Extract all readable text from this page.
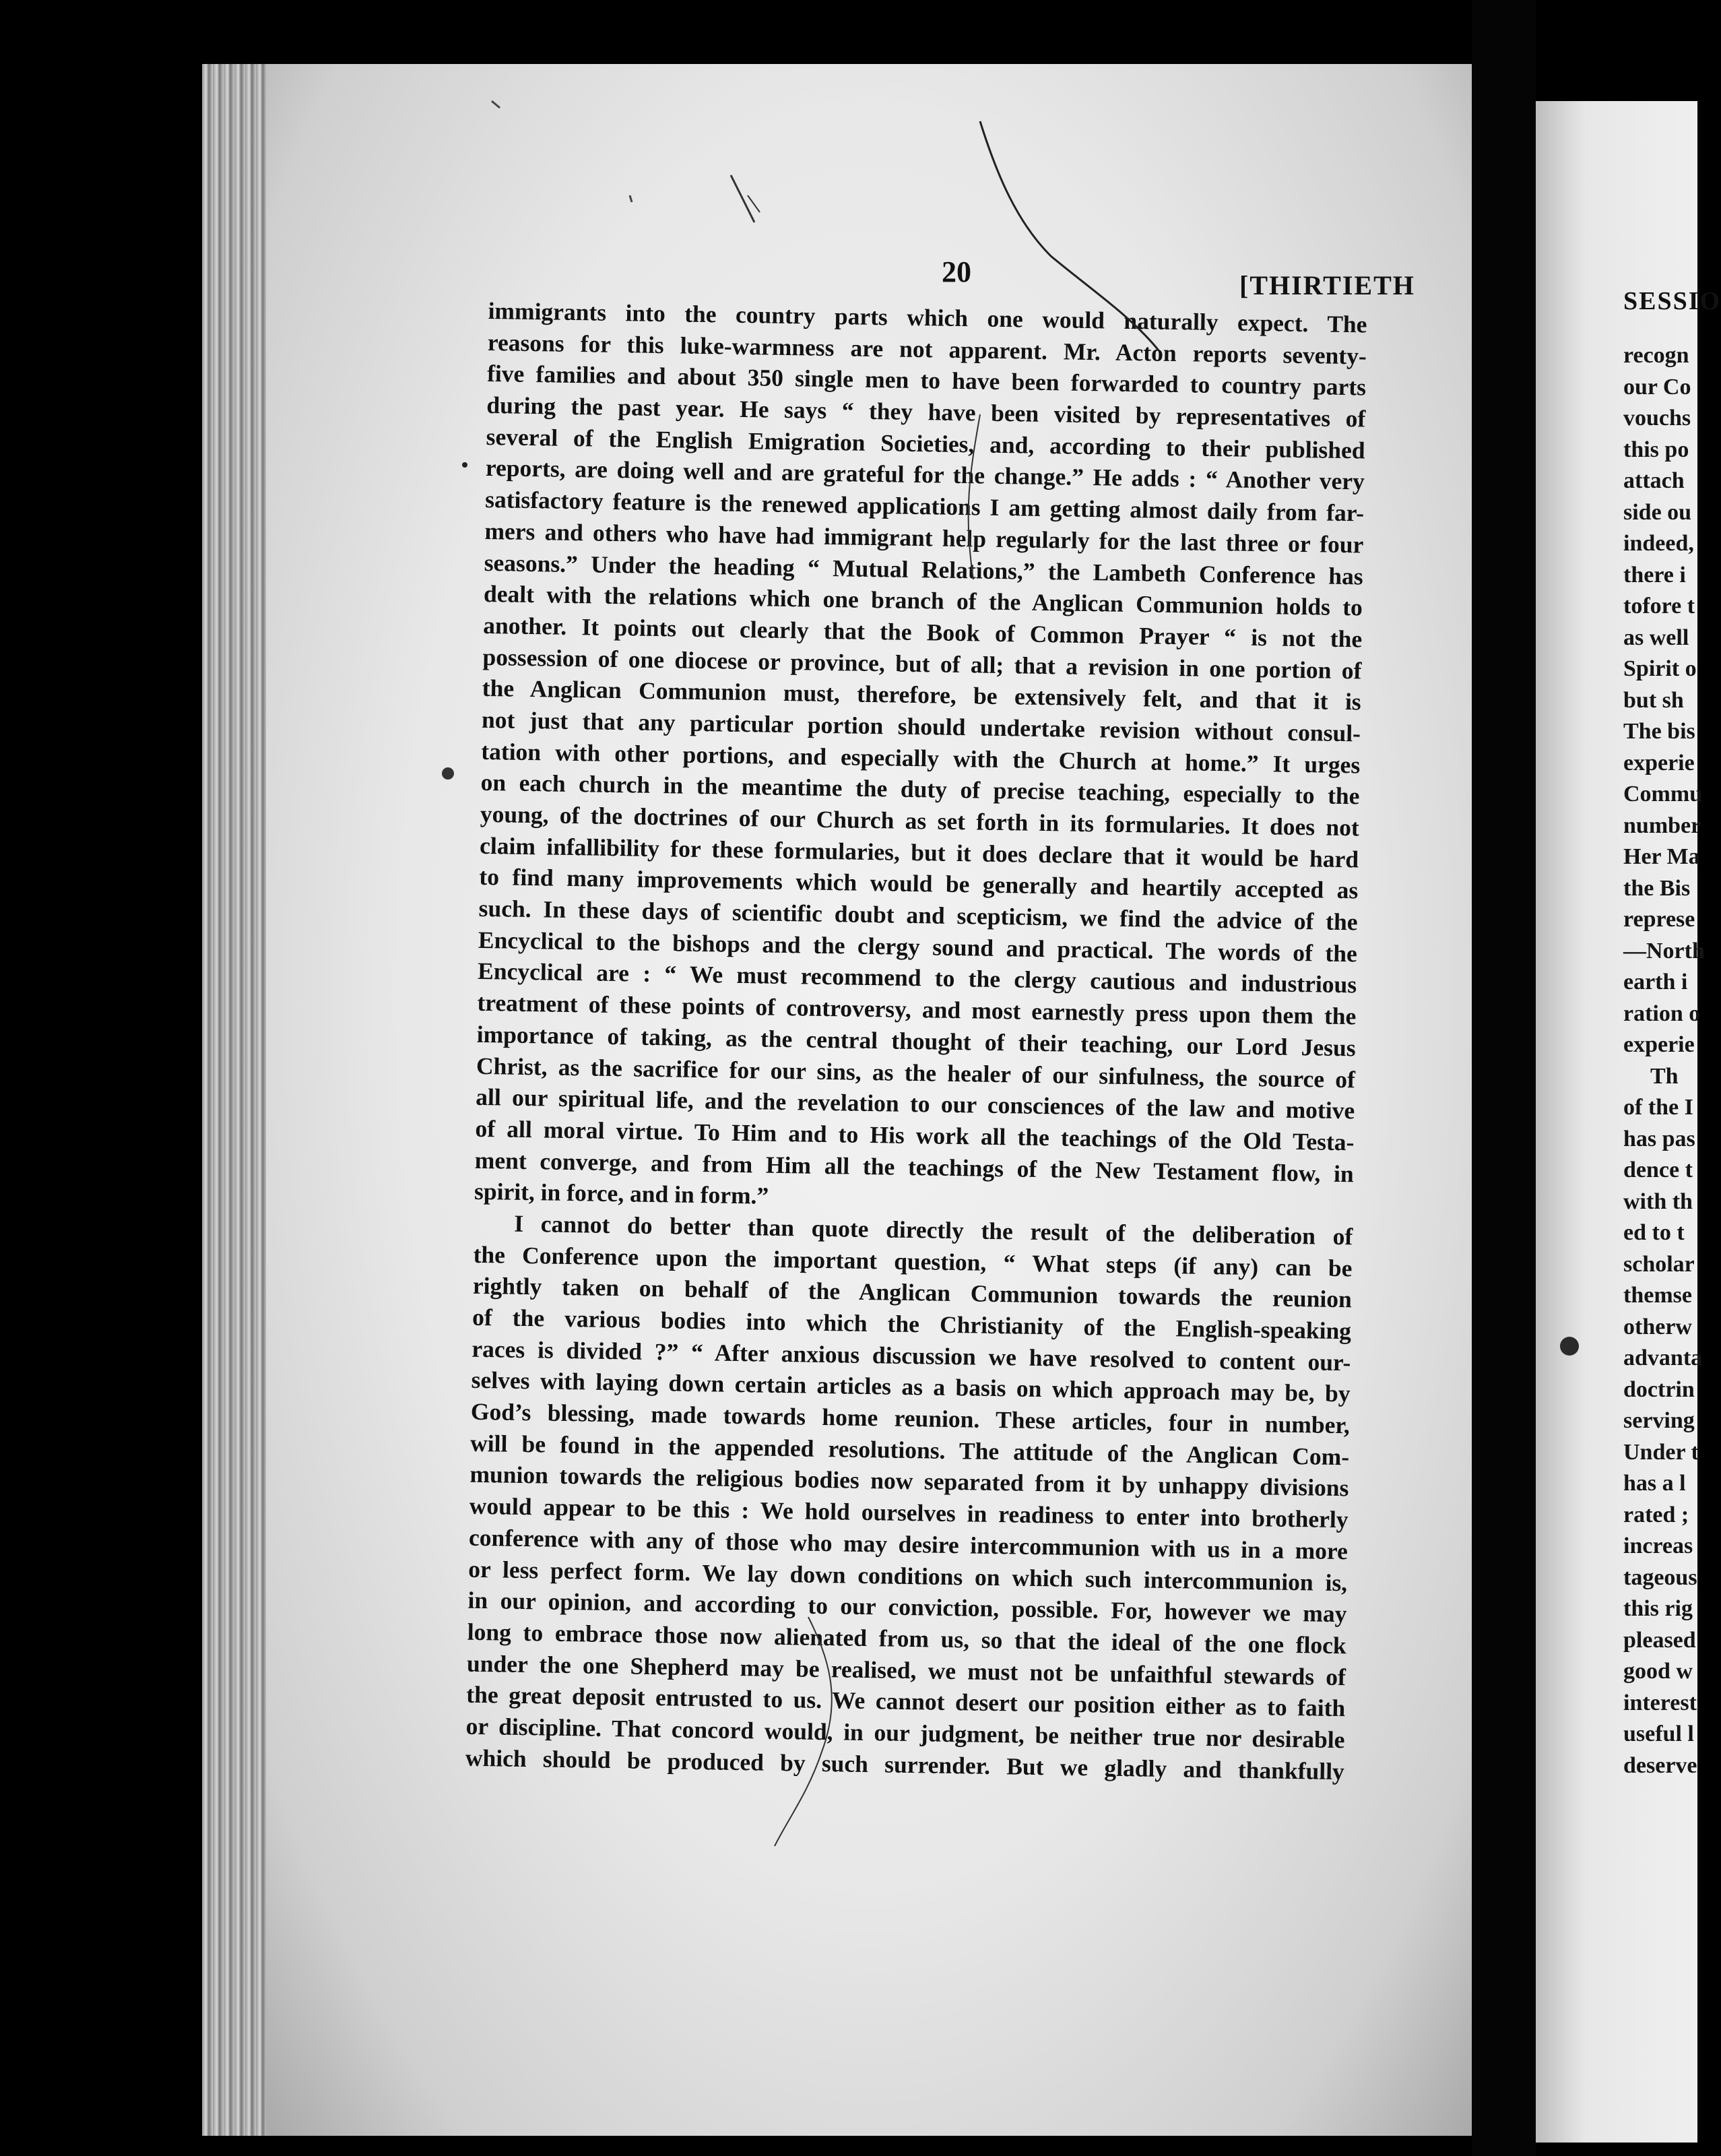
20	[THIRTIETH
immigrants into the country parts which one would naturally expect. The
reasons for this luke-warmness are not apparent. Mr. Acton reports seventy-
five families and about 350 single men to have been forwarded to country parts
during the past year. He says “ they have been visited by representatives of
several of the English Emigration Societies, and, according to their published
reports, are doing well and are grateful for the change.” He adds : “ Another very
satisfactory feature is the renewed applications I am getting almost daily from far-
mers and others who have had immigrant help regularly for the last three or four
seasons.” Under the heading “ Mutual Relations,” the Lambeth Conference has
dealt with the relations which one branch of the Anglican Communion holds to
another. It points out clearly that the Book of Common Prayer “ is not the
possession of one diocese or province, but of all; that a revision in one portion of
the Anglican Communion must, therefore, be extensively felt, and that it is
not just that any particular portion should undertake revision without consul-
tation with other portions, and especially with the Church at home.” It urges
on each church in the meantime the duty of precise teaching, especially to the
young, of the doctrines of our Church as set forth in its formularies. It does not
claim infallibility for these formularies, but it does declare that it would be hard
to find many improvements which would be generally and heartily accepted as
such. In these days of scientific doubt and scepticism, we find the advice of the
Encyclical to the bishops and the clergy sound and practical. The words of the
Encyclical are : “ We must recommend to the clergy cautious and industrious
treatment of these points of controversy, and most earnestly press upon them the
importance of taking, as the central thought of their teaching, our Lord Jesus
Christ, as the sacrifice for our sins, as the healer of our sinfulness, the source of
all our spiritual life, and the revelation to our consciences of the law and motive
of all moral virtue. To Him and to His work all the teachings of the Old Testa-
ment converge, and from Him all the teachings of the New Testament flow, in
spirit, in force, and in form.”
I cannot do better than quote directly the result of the deliberation of
the Conference upon the important question, “ What steps (if any) can be
rightly taken on behalf of the Anglican Communion towards the reunion
of the various bodies into which the Christianity of the English-speaking
races is divided ?” “ After anxious discussion we have resolved to content our-
selves with laying down certain articles as a basis on which approach may be, by
God’s blessing, made towards home reunion. These articles, four in number,
will be found in the appended resolutions. The attitude of the Anglican Com-
munion towards the religious bodies now separated from it by unhappy divisions
would appear to be this : We hold ourselves in readiness to enter into brotherly
conference with any of those who may desire intercommunion with us in a more
or less perfect form. We lay down conditions on which such intercommunion is,
in our opinion, and according to our conviction, possible. For, however we may
long to embrace those now alienated from us, so that the ideal of the one flock
under the one Shepherd may be realised, we must not be unfaithful stewards of
the great deposit entrusted to us. We cannot desert our position either as to faith
or discipline. That concord would, in our judgment, be neither true nor desirable
which should be produced by such surrender. But we gladly and thankfully
SESSIO
recogn
our Co
vouchs
this po
attach
side ou
indeed,
there i
tofore t
as well
Spirit o
but sh
The bis
experie
Commu
number
Her Ma
the Bis
represe
—North
earth i
ration o
experie
Th
of the I
has pas
dence t
with th
ed to t
scholar
themse
otherw
advanta
doctrin
serving
Under t
has a l
rated ;
increas
tageous
this rig
pleased
good w
interest
useful l
deserve
